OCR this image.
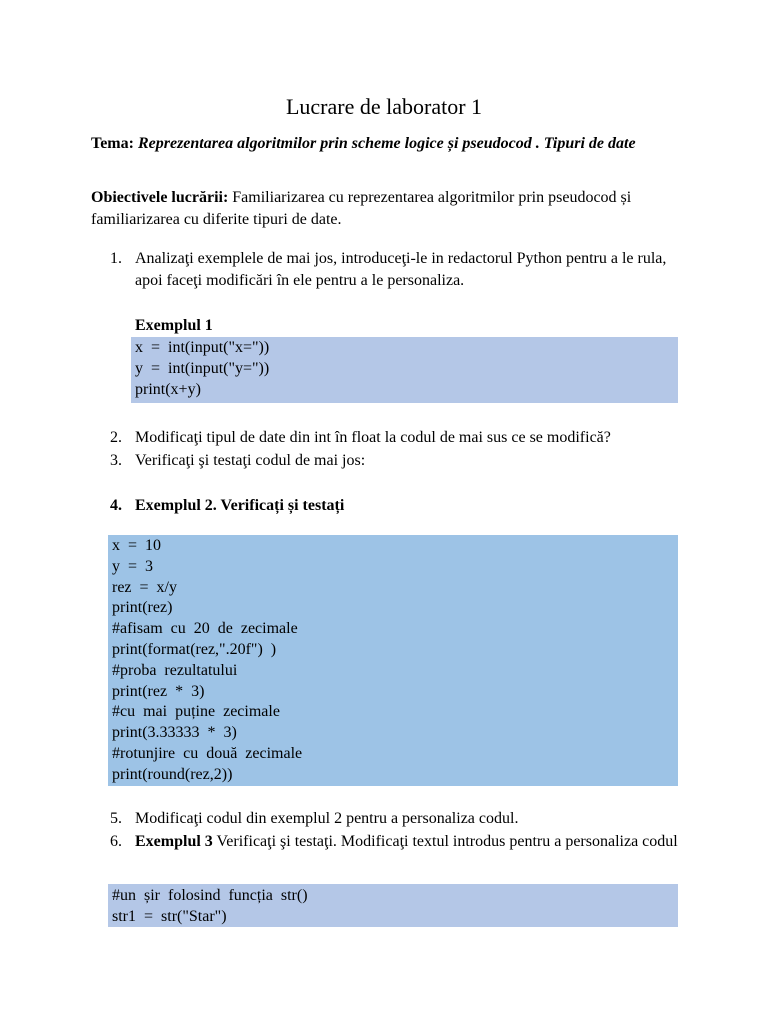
Lucrare de laborator 1
Tema: Reprezentarea algoritmilor prin scheme logice și pseudocod . Tipuri de date
Obiectivele lucrării: Familiarizarea cu reprezentarea algoritmilor prin pseudocod și familiarizarea cu diferite tipuri de date.
1. Analizaţi exemplele de mai jos, introduceţi-le in redactorul Python pentru a le rula, apoi faceţi modificări în ele pentru a le personaliza.
Exemplul 1
x  =  int(input("x="))
y  =  int(input("y="))
print(x+y)
2. Modificaţi tipul de date din int în float la codul de mai sus ce se modifică?
3. Verificaţi şi testaţi codul de mai jos:
4. Exemplul 2. Verificați și testați
x  =  10
y  =  3
rez  =  x/y
print(rez)
#afisam  cu  20  de  zecimale
print(format(rez,".20f")  )
#proba  rezultatului
print(rez  *  3)
#cu  mai  puține  zecimale
print(3.33333  *  3)
#rotunjire  cu  două  zecimale
print(round(rez,2))
5. Modificaţi codul din exemplul 2 pentru a personaliza codul.
6. Exemplul 3 Verificaţi şi testaţi. Modificaţi textul introdus pentru a personaliza codul
#un  șir  folosind  funcția  str()
str1  =  str("Star")
